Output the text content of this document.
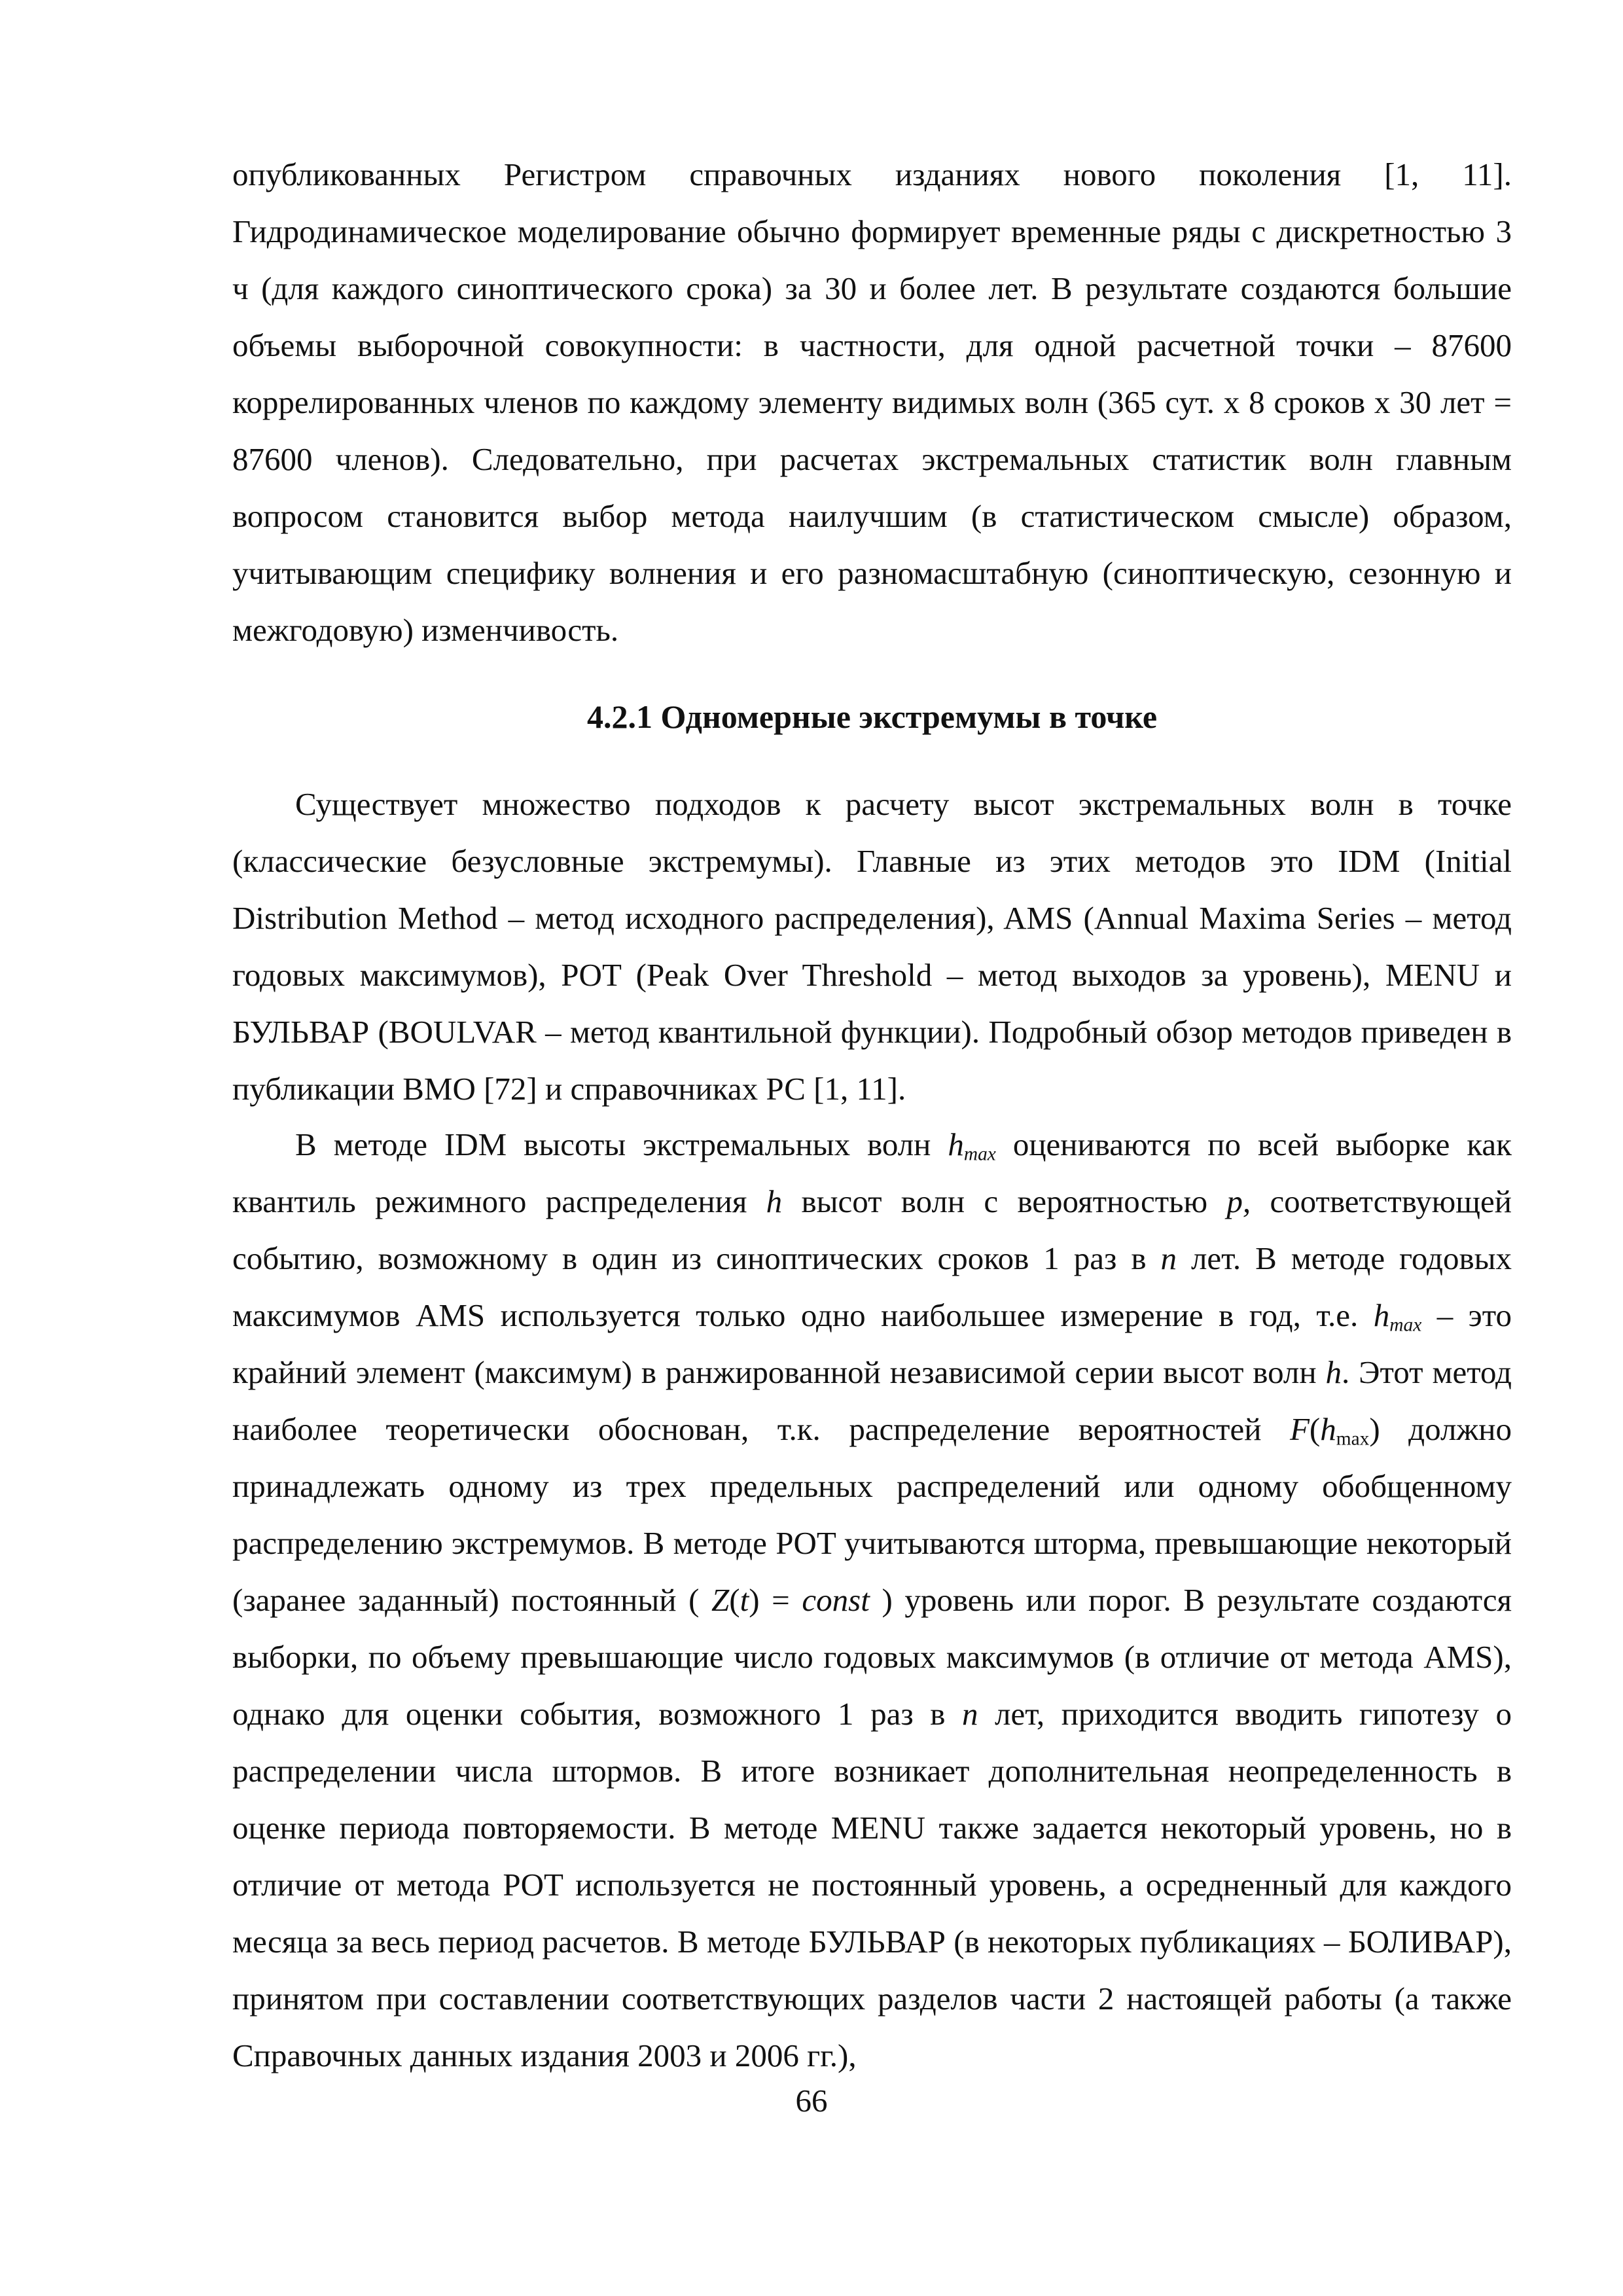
опубликованных Регистром справочных изданиях нового поколения [1, 11]. Гидродинамическое моделирование обычно формирует временные ряды с дискретностью 3 ч (для каждого синоптического срока) за 30 и более лет. В результате создаются большие объемы выборочной совокупности: в частности, для одной расчетной точки – 87600 коррелированных членов по каждому элементу видимых волн (365 сут. х 8 сроков х 30 лет = 87600 членов). Следовательно, при расчетах экстремальных статистик волн главным вопросом становится выбор метода наилучшим (в статистическом смысле) образом, учитывающим специфику волнения и его разномасштабную (синоптическую, сезонную и межгодовую) изменчивость.

4.2.1 Одномерные экстремумы в точке

Существует множество подходов к расчету высот экстремальных волн в точке (классические безусловные экстремумы). Главные из этих методов это IDM (Initial Distribution Method – метод исходного распределения), AMS (Annual Maxima Series – метод годовых максимумов), POT (Peak Over Threshold – метод выходов за уровень), MENU и БУЛЬВАР (BOULVAR – метод квантильной функции). Подробный обзор методов приведен в публикации ВМО [72] и справочниках РС [1, 11].

В методе IDM высоты экстремальных волн $h_{max}$ оцениваются по всей выборке как квантиль режимного распределения h высот волн с вероятностью p, соответствующей событию, возможному в один из синоптических сроков 1 раз в n лет. В методе годовых максимумов AMS используется только одно наибольшее измерение в год, т.е. $h_{max}$ – это крайний элемент (максимум) в ранжированной независимой серии высот волн h. Этот метод наиболее теоретически обоснован, т.к. распределение вероятностей $F(h_{max})$ должно принадлежать одному из трех предельных распределений или одному обобщенному распределению экстремумов. В методе POT учитываются шторма, превышающие некоторый (заранее заданный) постоянный ( Z(t) = const ) уровень или порог. В результате создаются выборки, по объему превышающие число годовых максимумов (в отличие от метода AMS), однако для оценки события, возможного 1 раз в n лет, приходится вводить гипотезу о распределении числа штормов. В итоге возникает дополнительная неопределенность в оценке периода повторяемости. В методе MENU также задается некоторый уровень, но в отличие от метода POT используется не постоянный уровень, а осредненный для каждого месяца за весь период расчетов. В методе БУЛЬВАР (в некоторых публикациях – БОЛИВАР), принятом при составлении соответствующих разделов части 2 настоящей работы (а также Справочных данных издания 2003 и 2006 гг.),

66
